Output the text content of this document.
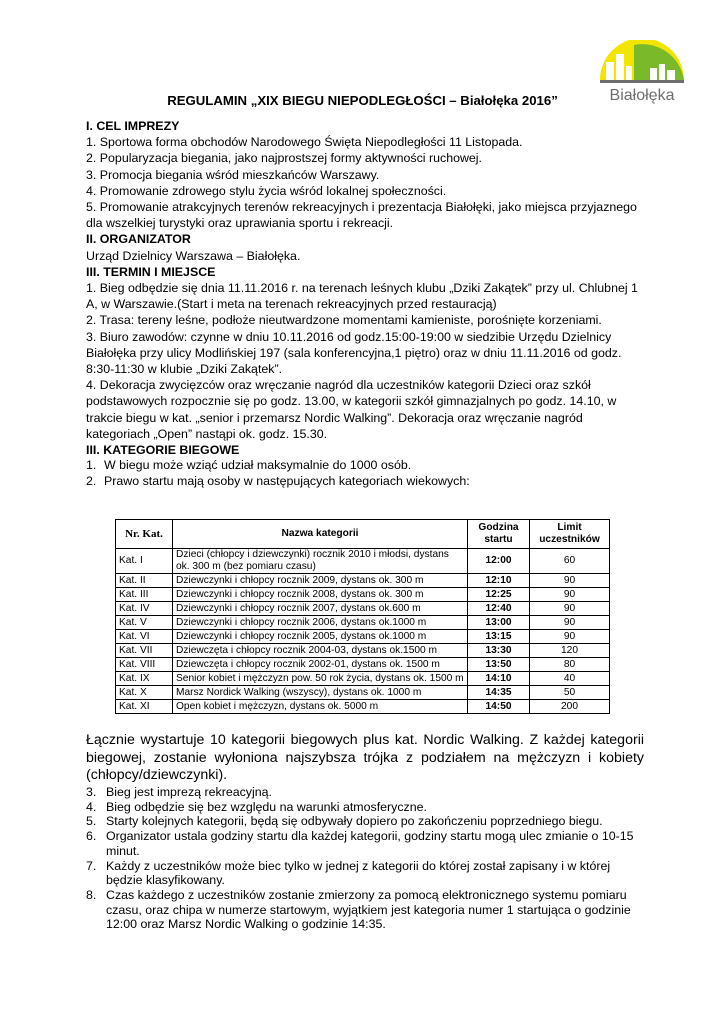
Białołęka
REGULAMIN „XIX BIEGU NIEPODLEGŁOŚCI – Białołęka 2016”

I. CEL IMPREZY

1. Sportowa forma obchodów Narodowego Święta Niepodległości 11 Listopada.

2. Popularyzacja biegania, jako najprostszej formy aktywności ruchowej.

3. Promocja biegania wśród mieszkańców Warszawy.

4. Promowanie zdrowego stylu życia wśród lokalnej społeczności.

5. Promowanie atrakcyjnych terenów rekreacyjnych i prezentacja Białołęki, jako miejsca przyjaznego dla wszelkiej turystyki oraz uprawiania sportu i rekreacji.

II. ORGANIZATOR

Urząd Dzielnicy Warszawa – Białołęka.

III. TERMIN I MIEJSCE

1. Bieg odbędzie się dnia 11.11.2016 r. na terenach leśnych klubu „Dziki Zakątek” przy ul. Chlubnej 1 A, w Warszawie.(Start i meta na terenach rekreacyjnych przed restauracją)

2. Trasa: tereny leśne, podłoże nieutwardzone momentami kamieniste, porośnięte korzeniami.

3. Biuro zawodów: czynne w dniu 10.11.2016 od godz.15:00-19:00 w siedzibie Urzędu Dzielnicy Białołęka przy ulicy Modlińskiej 197 (sala konferencyjna,1 piętro) oraz w dniu 11.11.2016 od godz. 8:30-11:30 w klubie „Dziki Zakątek”.

4. Dekoracja zwycięzców oraz wręczanie nagród dla uczestników kategorii Dzieci oraz szkół podstawowych rozpocznie się po godz. 13.00, w kategorii szkół gimnazjalnych po godz. 14.10, w trakcie biegu w kat. „senior i przemarsz Nordic Walking”. Dekoracja oraz wręczanie nagród kategoriach „Open” nastąpi ok. godz. 15.30.

III. KATEGORIE BIEGOWE

1. W biegu może wziąć udział maksymalnie do 1000 osób.
2. Prawo startu mają osoby w następujących kategoriach wiekowych:
Nr. Kat.	Nazwa kategorii	Godzina startu	Limit uczestników
Kat. I	Dzieci (chłopcy i dziewczynki) rocznik 2010 i młodsi, dystans ok. 300 m (bez pomiaru czasu)	12:00	60
Kat. II	Dziewczynki i chłopcy rocznik 2009, dystans ok. 300 m	12:10	90
Kat. III	Dziewczynki i chłopcy rocznik 2008, dystans ok. 300 m	12:25	90
Kat. IV	Dziewczynki i chłopcy rocznik 2007, dystans ok.600 m	12:40	90
Kat. V	Dziewczynki i chłopcy rocznik 2006, dystans ok.1000 m	13:00	90
Kat. VI	Dziewczynki i chłopcy rocznik 2005, dystans ok.1000 m	13:15	90
Kat. VII	Dziewczęta i chłopcy rocznik 2004-03, dystans ok.1500 m	13:30	120
Kat. VIII	Dziewczęta i chłopcy rocznik 2002-01, dystans ok. 1500 m	13:50	80
Kat. IX	Senior kobiet i mężczyzn pow. 50 rok życia, dystans ok. 1500 m	14:10	40
Kat. X	Marsz Nordick Walking (wszyscy), dystans ok. 1000 m	14:35	50
Kat. XI	Open kobiet i mężczyzn, dystans ok. 5000 m	14:50	200
Łącznie wystartuje 10 kategorii biegowych plus kat. Nordic Walking. Z każdej kategorii biegowej, zostanie wyłoniona najszybsza trójka z podziałem na mężczyzn i kobiety (chłopcy/dziewczynki).
3. Bieg jest imprezą rekreacyjną.
4. Bieg odbędzie się bez względu na warunki atmosferyczne.
5. Starty kolejnych kategorii, będą się odbywały dopiero po zakończeniu poprzedniego biegu.
6. Organizator ustala godziny startu dla każdej kategorii, godziny startu mogą ulec zmianie o 10-15 minut.
7. Każdy z uczestników może biec tylko w jednej z kategorii do której został zapisany i w której będzie klasyfikowany.
8. Czas każdego z uczestników zostanie zmierzony za pomocą elektronicznego systemu pomiaru czasu, oraz chipa w numerze startowym, wyjątkiem jest kategoria numer 1 startująca o godzinie 12:00 oraz Marsz Nordic Walking o godzinie 14:35.
